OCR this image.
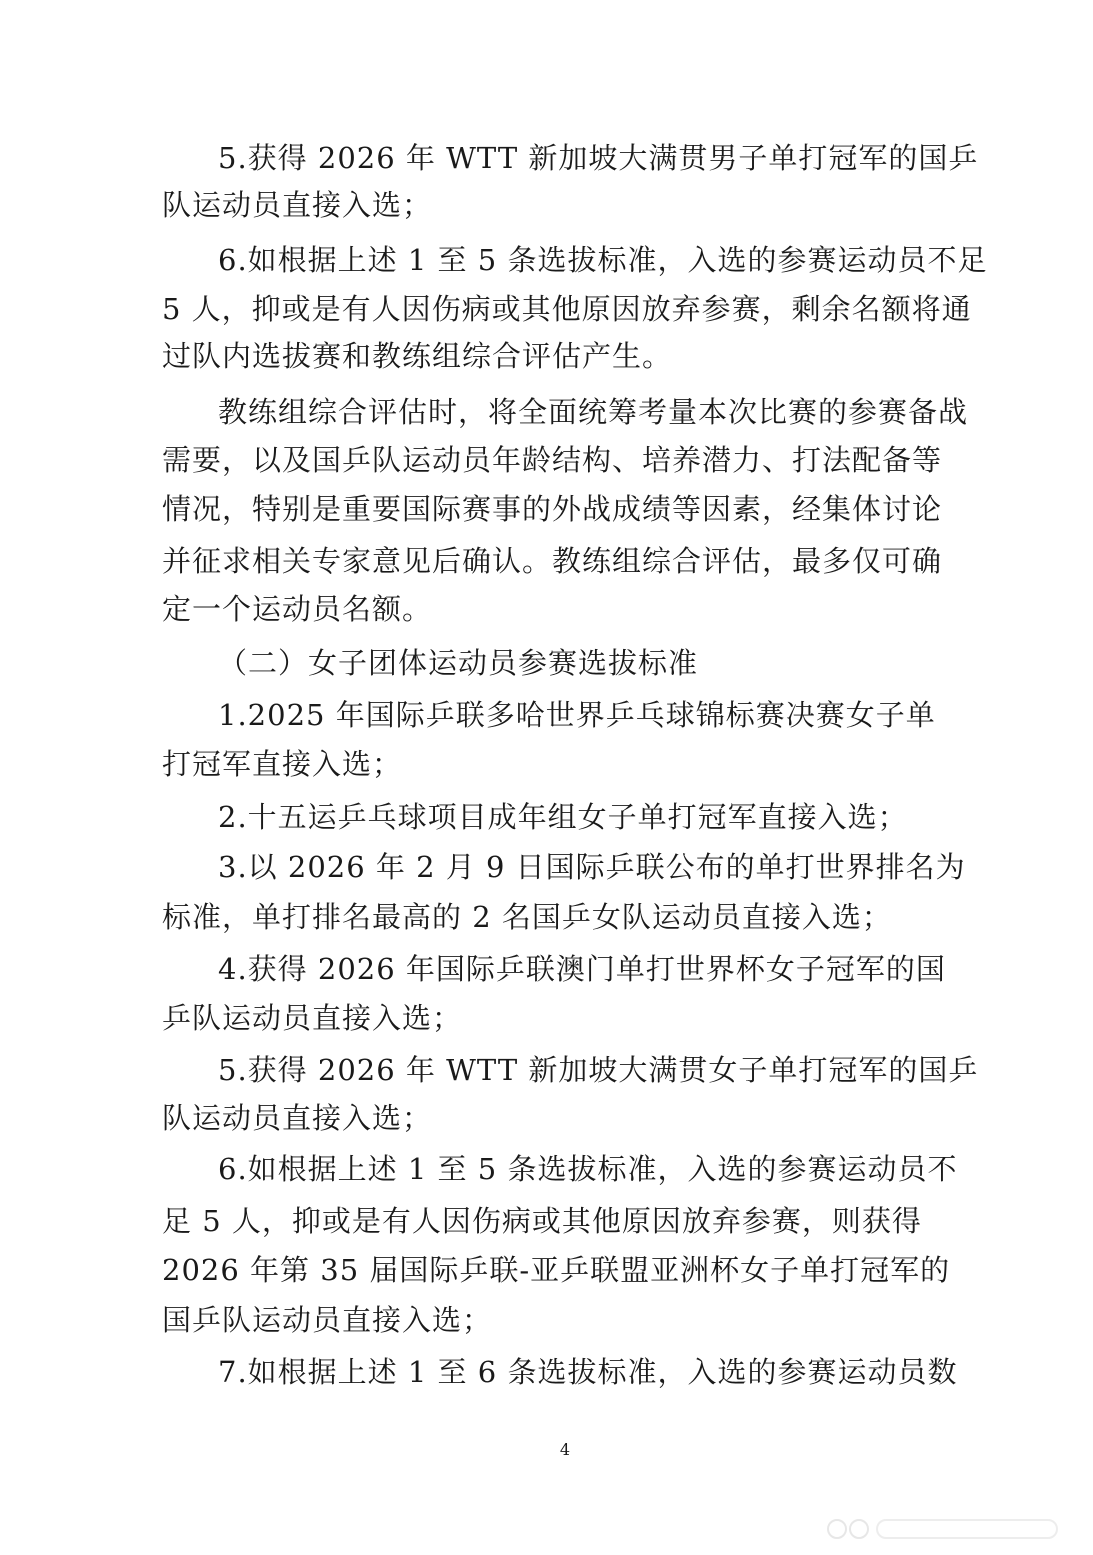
5.获得 2026 年 WTT 新加坡大满贯男子单打冠军的国乒
队运动员直接入选；
6.如根据上述 1 至 5 条选拔标准，入选的参赛运动员不足
5 人，抑或是有人因伤病或其他原因放弃参赛，剩余名额将通
过队内选拔赛和教练组综合评估产生。
教练组综合评估时，将全面统筹考量本次比赛的参赛备战
需要，以及国乒队运动员年龄结构、培养潜力、打法配备等
情况，特别是重要国际赛事的外战成绩等因素，经集体讨论
并征求相关专家意见后确认。教练组综合评估，最多仅可确
定一个运动员名额。
（二）女子团体运动员参赛选拔标准
1.2025 年国际乒联多哈世界乒乓球锦标赛决赛女子单
打冠军直接入选；
2.十五运乒乓球项目成年组女子单打冠军直接入选；
3.以 2026 年 2 月 9 日国际乒联公布的单打世界排名为
标准，单打排名最高的 2 名国乒女队运动员直接入选；
4.获得 2026 年国际乒联澳门单打世界杯女子冠军的国
乒队运动员直接入选；
5.获得 2026 年 WTT 新加坡大满贯女子单打冠军的国乒
队运动员直接入选；
6.如根据上述 1 至 5 条选拔标准，入选的参赛运动员不
足 5 人，抑或是有人因伤病或其他原因放弃参赛，则获得
2026 年第 35 届国际乒联-亚乒联盟亚洲杯女子单打冠军的
国乒队运动员直接入选；
7.如根据上述 1 至 6 条选拔标准，入选的参赛运动员数
4
